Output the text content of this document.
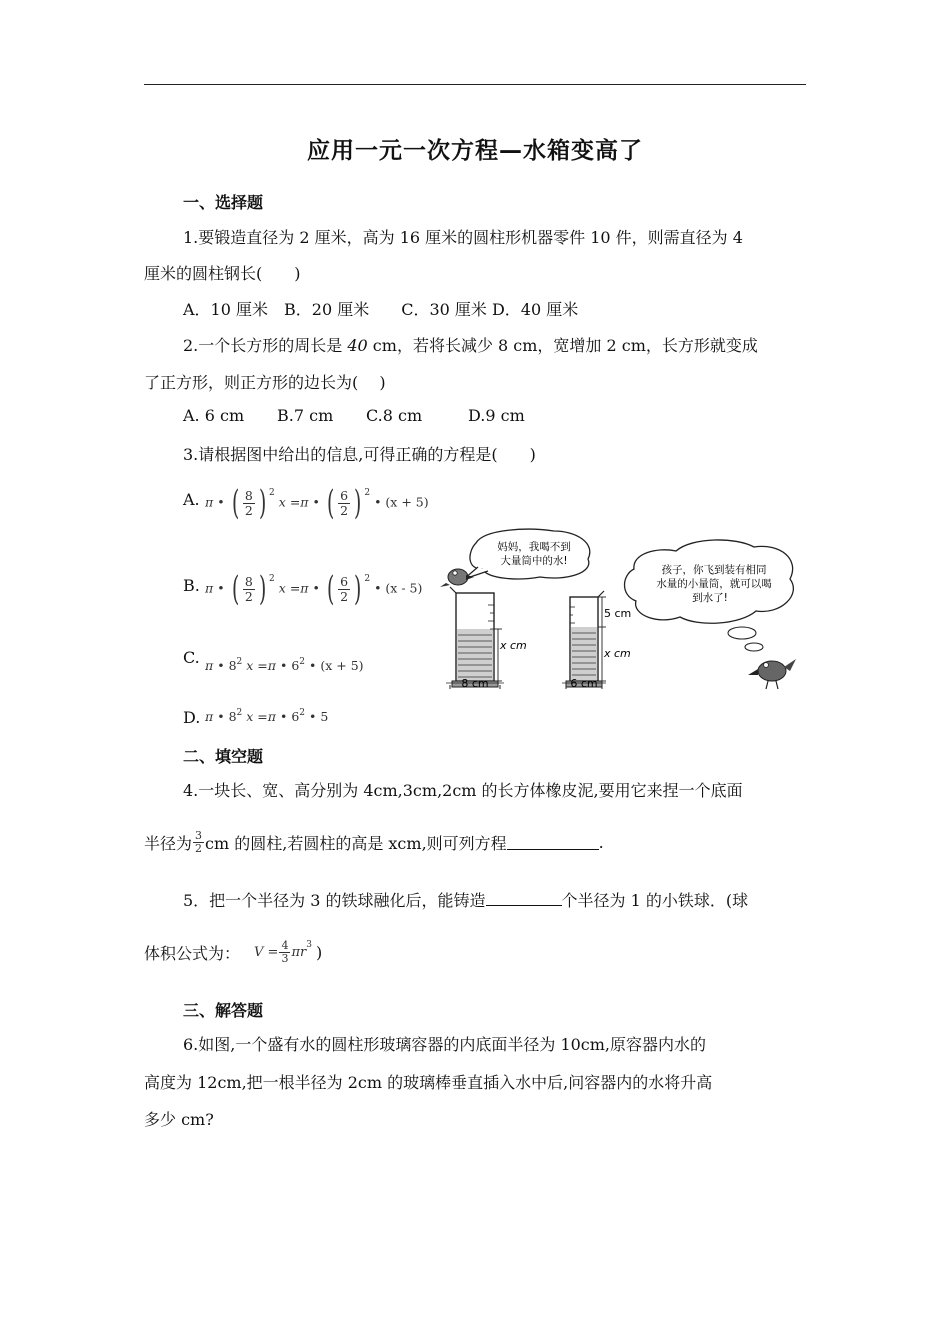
应用一元一次方程—水箱变高了
一、选择题
1.要锻造直径为 2 厘米，高为 16 厘米的圆柱形机器零件 10 件，则需直径为 4
厘米的圆柱钢长(　　)
A．10 厘米　B．20 厘米　　C．30 厘米 D．40 厘米
2.一个长方形的周长是 40 cm，若将长减少 8 cm，宽增加 2 cm，长方形就变成
了正方形，则正方形的边长为(　 )
A. 6 cm B.7 cm C.8 cm	D.9 cm
3.请根据图中给出的信息,可得正确的方程是(　　)
A. π • ( $\frac{8}{2}$ ) $^2$ x =π • ( $\frac{6}{2}$ ) $^2$ • (x + 5)
B. π • ( $\frac{8}{2}$ ) $^2$ x =π • ( $\frac{6}{2}$ ) $^2$ • (x - 5)
C. π • $8^2$ x =π • $6^2$ • (x + 5)
D. π • $8^2$ x =π • $6^2$ • 5
妈妈，我喝不到
大量筒中的水!
孩子，你飞到装有相同
水量的小量筒，就可以喝
到水了!
x cm
8 cm
5 cm
x cm
6 cm
二、填空题
4.一块长、宽、高分别为 4cm,3cm,2cm 的长方体橡皮泥,要用它来捏一个底面
半径为 $\frac{3}{2}$ cm 的圆柱,若圆柱的高是 xcm,则可列方程	.
5．把一个半径为 3 的铁球融化后，能铸造	个半径为 1 的小铁球．(球
体积公式为： $V = \frac{4}{3}$ πr 3 )
三、解答题
6.如图,一个盛有水的圆柱形玻璃容器的内底面半径为 10cm,原容器内水的
高度为 12cm,把一根半径为 2cm 的玻璃棒垂直插入水中后,问容器内的水将升高
多少 cm?
